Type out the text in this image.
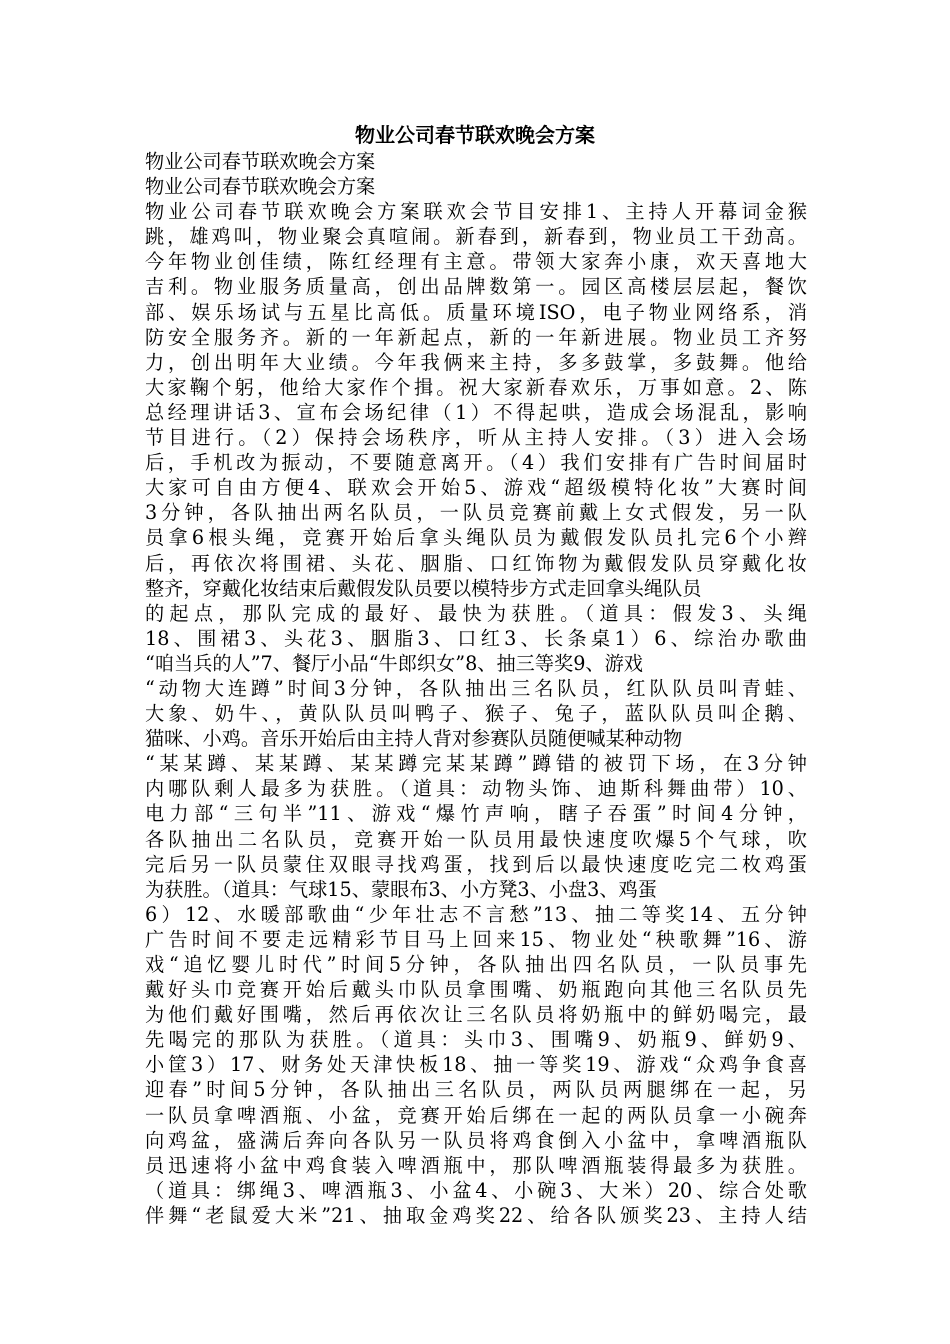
物业公司春节联欢晚会方案
物业公司春节联欢晚会方案
物业公司春节联欢晚会方案
物业公司春节联欢晚会方案联欢会节目安排1、主持人开幕词金猴
跳，雄鸡叫，物业聚会真喧闹。新春到，新春到，物业员工干劲高。
今年物业创佳绩，陈红经理有主意。带领大家奔小康，欢天喜地大
吉利。物业服务质量高，创出品牌数第一。园区高楼层层起，餐饮
部、娱乐场试与五星比高低。质量环境ISO，电子物业网络系，消
防安全服务齐。新的一年新起点，新的一年新进展。物业员工齐努
力，创出明年大业绩。今年我俩来主持，多多鼓掌，多鼓舞。他给
大家鞠个躬，他给大家作个揖。祝大家新春欢乐，万事如意。2、陈
总经理讲话3、宣布会场纪律（1）不得起哄，造成会场混乱，影响
节目进行。（2）保持会场秩序，听从主持人安排。（3）进入会场
后，手机改为振动，不要随意离开。（4）我们安排有广告时间届时
大家可自由方便4、联欢会开始5、游戏“超级模特化妆”大赛时间
3分钟，各队抽出两名队员，一队员竞赛前戴上女式假发，另一队
员拿6根头绳，竞赛开始后拿头绳队员为戴假发队员扎完6个小辫
后，再依次将围裙、头花、胭脂、口红饰物为戴假发队员穿戴化妆
整齐，穿戴化妆结束后戴假发队员要以模特步方式走回拿头绳队员
的起点，那队完成的最好、最快为获胜。（道具：假发3、头绳
18、围裙3、头花3、胭脂3、口红3、长条桌1）6、综治办歌曲
“咱当兵的人”7、餐厅小品“牛郎织女”8、抽三等奖9、游戏
“动物大连蹲”时间3分钟，各队抽出三名队员，红队队员叫青蛙、
大象、奶牛、，黄队队员叫鸭子、猴子、兔子，蓝队队员叫企鹅、
猫咪、小鸡。音乐开始后由主持人背对参赛队员随便喊某种动物
“某某蹲、某某蹲、某某蹲完某某蹲”蹲错的被罚下场，在3分钟
内哪队剩人最多为获胜。（道具：动物头饰、迪斯科舞曲带）10、
电力部“三句半”11、游戏“爆竹声响，瞎子吞蛋”时间4分钟，
各队抽出二名队员，竞赛开始一队员用最快速度吹爆5个气球，吹
完后另一队员蒙住双眼寻找鸡蛋，找到后以最快速度吃完二枚鸡蛋
为获胜。（道具：气球15、蒙眼布3、小方凳3、小盘3、鸡蛋
6）12、水暖部歌曲“少年壮志不言愁”13、抽二等奖14、五分钟
广告时间不要走远精彩节目马上回来15、物业处“秧歌舞”16、游
戏“追忆婴儿时代”时间5分钟，各队抽出四名队员，一队员事先
戴好头巾竞赛开始后戴头巾队员拿围嘴、奶瓶跑向其他三名队员先
为他们戴好围嘴，然后再依次让三名队员将奶瓶中的鲜奶喝完，最
先喝完的那队为获胜。（道具：头巾3、围嘴9、奶瓶9、鲜奶9、
小筐3）17、财务处天津快板18、抽一等奖19、游戏“众鸡争食喜
迎春”时间5分钟，各队抽出三名队员，两队员两腿绑在一起，另
一队员拿啤酒瓶、小盆，竞赛开始后绑在一起的两队员拿一小碗奔
向鸡盆，盛满后奔向各队另一队员将鸡食倒入小盆中，拿啤酒瓶队
员迅速将小盆中鸡食装入啤酒瓶中，那队啤酒瓶装得最多为获胜。
（道具：绑绳3、啤酒瓶3、小盆4、小碗3、大米）20、综合处歌
伴舞“老鼠爱大米”21、抽取金鸡奖22、给各队颁奖23、主持人结
